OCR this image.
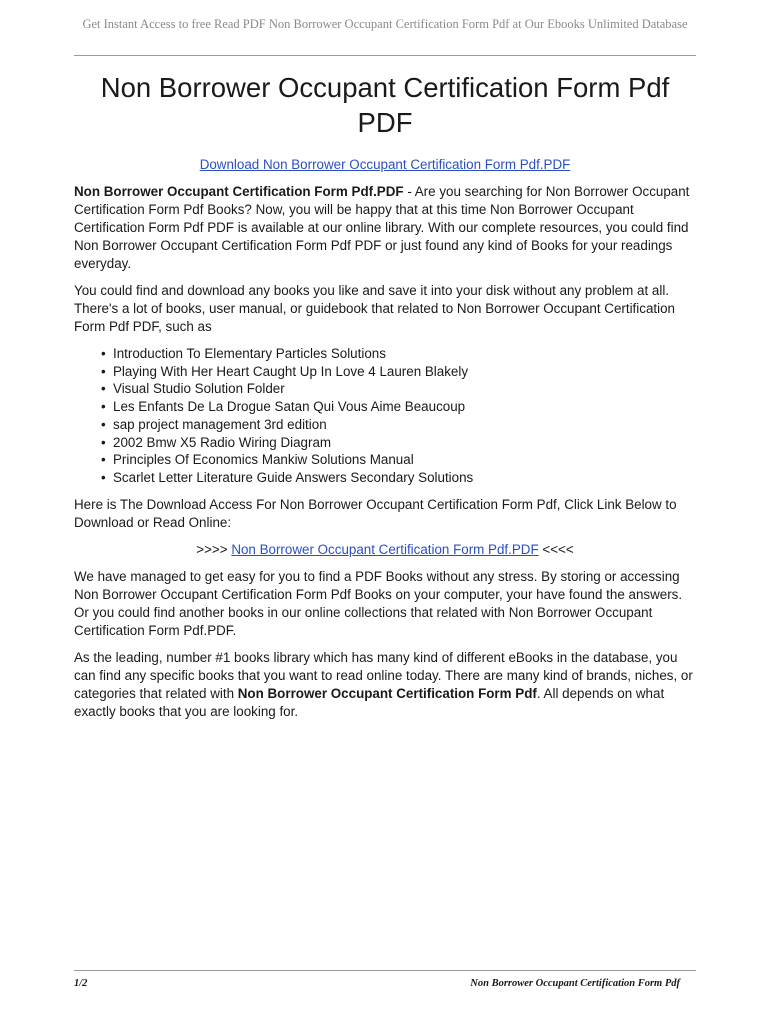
Get Instant Access to free Read PDF Non Borrower Occupant Certification Form Pdf at Our Ebooks Unlimited Database
Non Borrower Occupant Certification Form Pdf PDF

Download Non Borrower Occupant Certification Form Pdf.PDF

Non Borrower Occupant Certification Form Pdf.PDF - Are you searching for Non Borrower Occupant Certification Form Pdf Books? Now, you will be happy that at this time Non Borrower Occupant Certification Form Pdf PDF is available at our online library. With our complete resources, you could find Non Borrower Occupant Certification Form Pdf PDF or just found any kind of Books for your readings everyday.

You could find and download any books you like and save it into your disk without any problem at all. There's a lot of books, user manual, or guidebook that related to Non Borrower Occupant Certification Form Pdf PDF, such as

• Introduction To Elementary Particles Solutions
• Playing With Her Heart Caught Up In Love 4 Lauren Blakely
• Visual Studio Solution Folder
• Les Enfants De La Drogue Satan Qui Vous Aime Beaucoup
• sap project management 3rd edition
• 2002 Bmw X5 Radio Wiring Diagram
• Principles Of Economics Mankiw Solutions Manual
• Scarlet Letter Literature Guide Answers Secondary Solutions

Here is The Download Access For Non Borrower Occupant Certification Form Pdf, Click Link Below to Download or Read Online:

>>>> Non Borrower Occupant Certification Form Pdf.PDF <<<<

We have managed to get easy for you to find a PDF Books without any stress. By storing or accessing Non Borrower Occupant Certification Form Pdf Books on your computer, your have found the answers. Or you could find another books in our online collections that related with Non Borrower Occupant Certification Form Pdf.PDF.

As the leading, number #1 books library which has many kind of different eBooks in the database, you can find any specific books that you want to read online today. There are many kind of brands, niches, or categories that related with Non Borrower Occupant Certification Form Pdf. All depends on what exactly books that you are looking for.

1/2	Non Borrower Occupant Certification Form Pdf
